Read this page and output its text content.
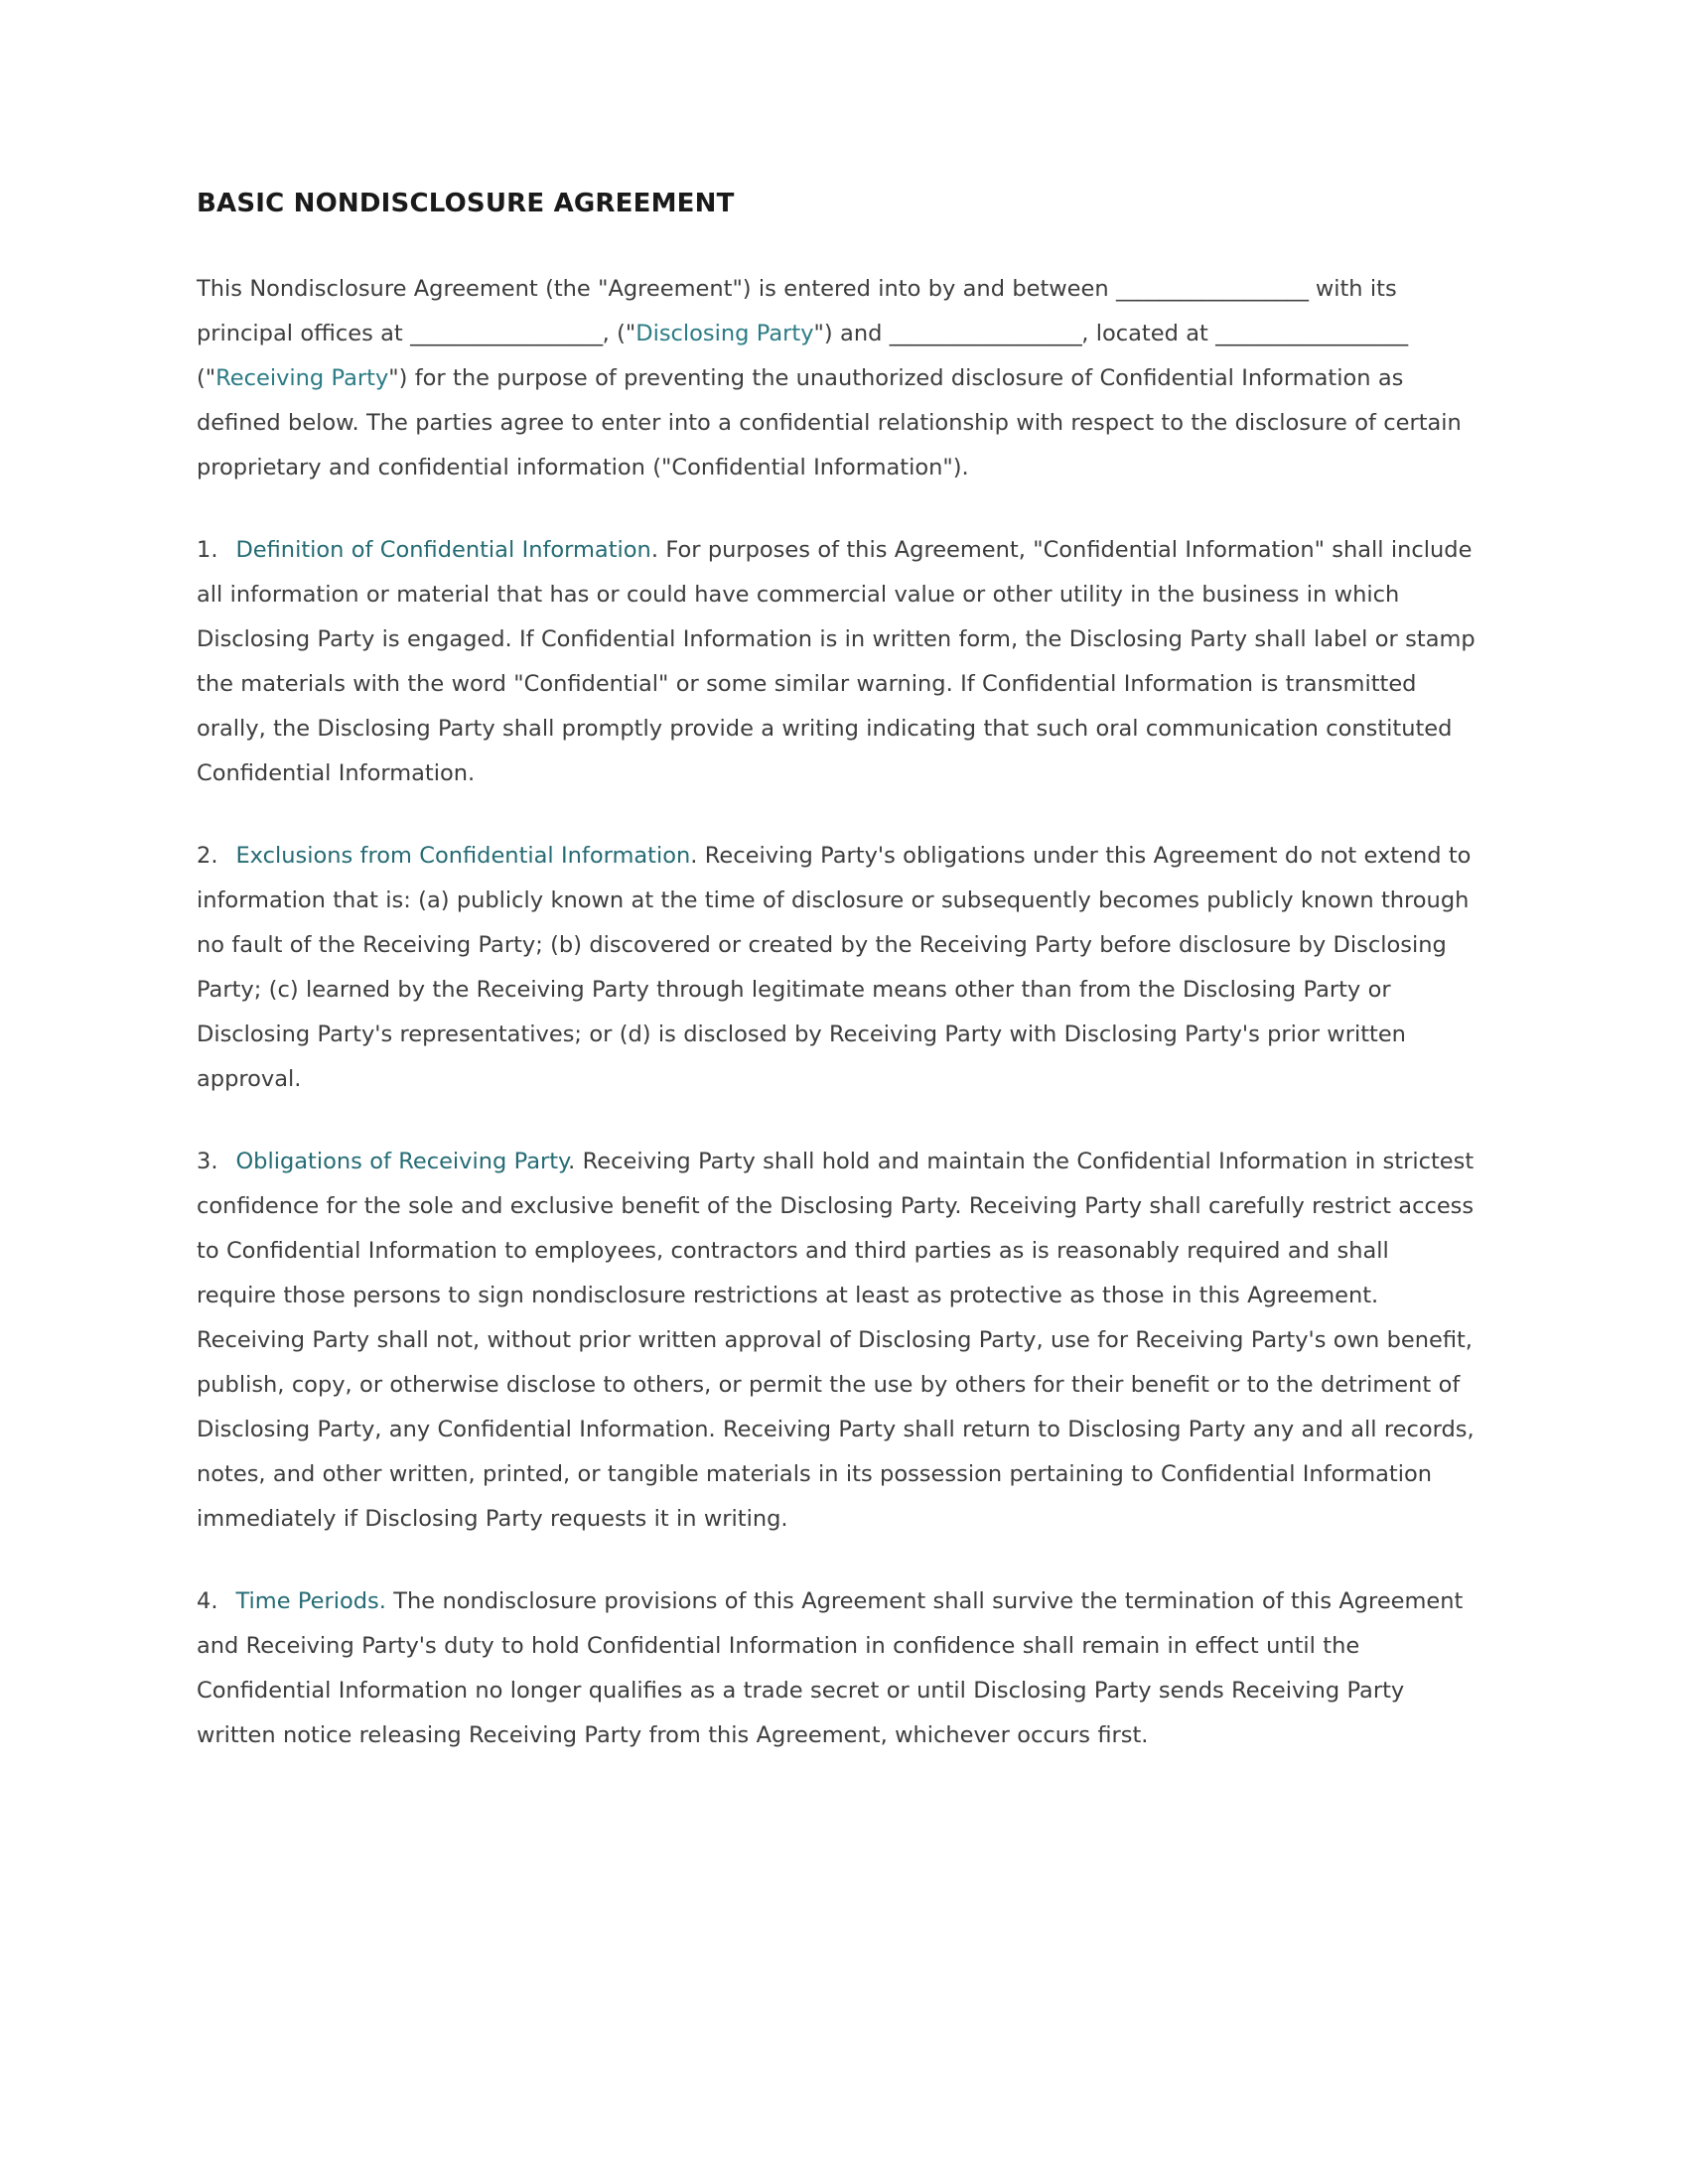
BASIC NONDISCLOSURE AGREEMENT

This Nondisclosure Agreement (the "Agreement") is entered into by and between __________________ with its principal offices at __________________, ("Disclosing Party") and __________________, located at __________________ ("Receiving Party") for the purpose of preventing the unauthorized disclosure of Confidential Information as defined below. The parties agree to enter into a confidential relationship with respect to the disclosure of certain proprietary and confidential information ("Confidential Information").

1. Definition of Confidential Information. For purposes of this Agreement, "Confidential Information" shall include all information or material that has or could have commercial value or other utility in the business in which Disclosing Party is engaged. If Confidential Information is in written form, the Disclosing Party shall label or stamp the materials with the word "Confidential" or some similar warning. If Confidential Information is transmitted orally, the Disclosing Party shall promptly provide a writing indicating that such oral communication constituted Confidential Information.

2. Exclusions from Confidential Information. Receiving Party's obligations under this Agreement do not extend to information that is: (a) publicly known at the time of disclosure or subsequently becomes publicly known through no fault of the Receiving Party; (b) discovered or created by the Receiving Party before disclosure by Disclosing Party; (c) learned by the Receiving Party through legitimate means other than from the Disclosing Party or Disclosing Party's representatives; or (d) is disclosed by Receiving Party with Disclosing Party's prior written approval.

3. Obligations of Receiving Party. Receiving Party shall hold and maintain the Confidential Information in strictest confidence for the sole and exclusive benefit of the Disclosing Party. Receiving Party shall carefully restrict access to Confidential Information to employees, contractors and third parties as is reasonably required and shall require those persons to sign nondisclosure restrictions at least as protective as those in this Agreement. Receiving Party shall not, without prior written approval of Disclosing Party, use for Receiving Party's own benefit, publish, copy, or otherwise disclose to others, or permit the use by others for their benefit or to the detriment of Disclosing Party, any Confidential Information. Receiving Party shall return to Disclosing Party any and all records, notes, and other written, printed, or tangible materials in its possession pertaining to Confidential Information immediately if Disclosing Party requests it in writing.

4. Time Periods. The nondisclosure provisions of this Agreement shall survive the termination of this Agreement and Receiving Party's duty to hold Confidential Information in confidence shall remain in effect until the Confidential Information no longer qualifies as a trade secret or until Disclosing Party sends Receiving Party written notice releasing Receiving Party from this Agreement, whichever occurs first.
